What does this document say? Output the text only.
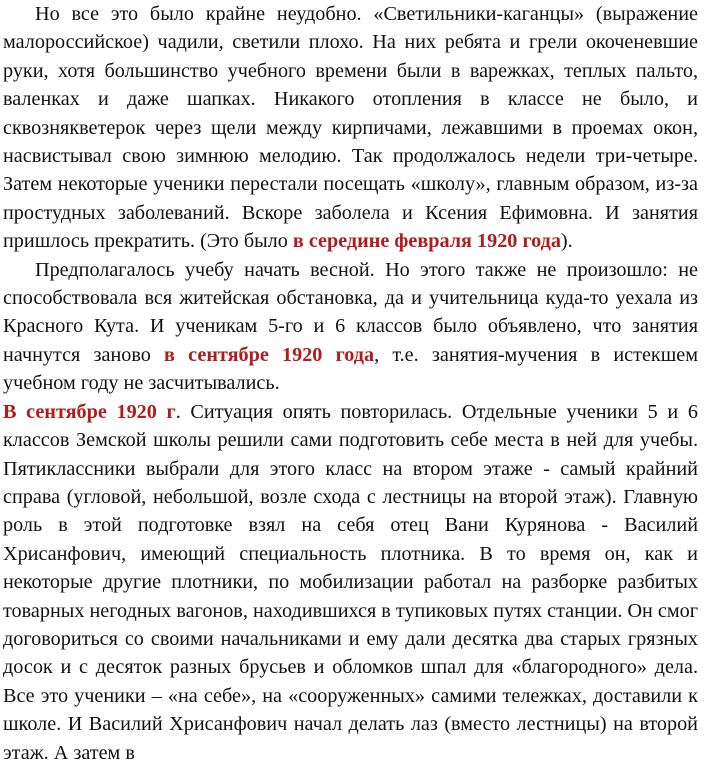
Но все это было крайне неудобно. «Светильники-каганцы» (выражение малороссийское) чадили, светили плохо. На них ребята и грели окоченевшие руки, хотя большинство учебного времени были в варежках, теплых пальто, валенках и даже шапках. Никакого отопления в классе не было, и сквознякветерок через щели между кирпичами, лежавшими в проемах окон, насвистывал свою зимнюю мелодию. Так продолжалось недели три-четыре. Затем некоторые ученики перестали посещать «школу», главным образом, из-за простудных заболеваний. Вскоре заболела и Ксения Ефимовна. И занятия пришлось прекратить. (Это было в середине февраля 1920 года).

Предполагалось учебу начать весной. Но этого также не произошло: не способствовала вся житейская обстановка, да и учительница куда-то уехала из Красного Кута. И ученикам 5-го и 6 классов было объявлено, что занятия начнутся заново в сентябре 1920 года, т.е. занятия-мучения в истекшем учебном году не засчитывались.

В сентябре 1920 г. Ситуация опять повторилась. Отдельные ученики 5 и 6 классов Земской школы решили сами подготовить себе места в ней для учебы. Пятиклассники выбрали для этого класс на втором этаже - самый крайний справа (угловой, небольшой, возле схода с лестницы на второй этаж). Главную роль в этой подготовке взял на себя отец Вани Курянова - Василий Хрисанфович, имеющий специальность плотника. В то время он, как и некоторые другие плотники, по мобилизации работал на разборке разбитых товарных негодных вагонов, находившихся в тупиковых путях станции. Он смог договориться со своими начальниками и ему дали десятка два старых грязных досок и с десяток разных брусьев и обломков шпал для «благородного» дела. Все это ученики – «на себе», на «сооруженных» самими тележках, доставили к школе. И Василий Хрисанфович начал делать лаз (вместо лестницы) на второй этаж. А затем в
